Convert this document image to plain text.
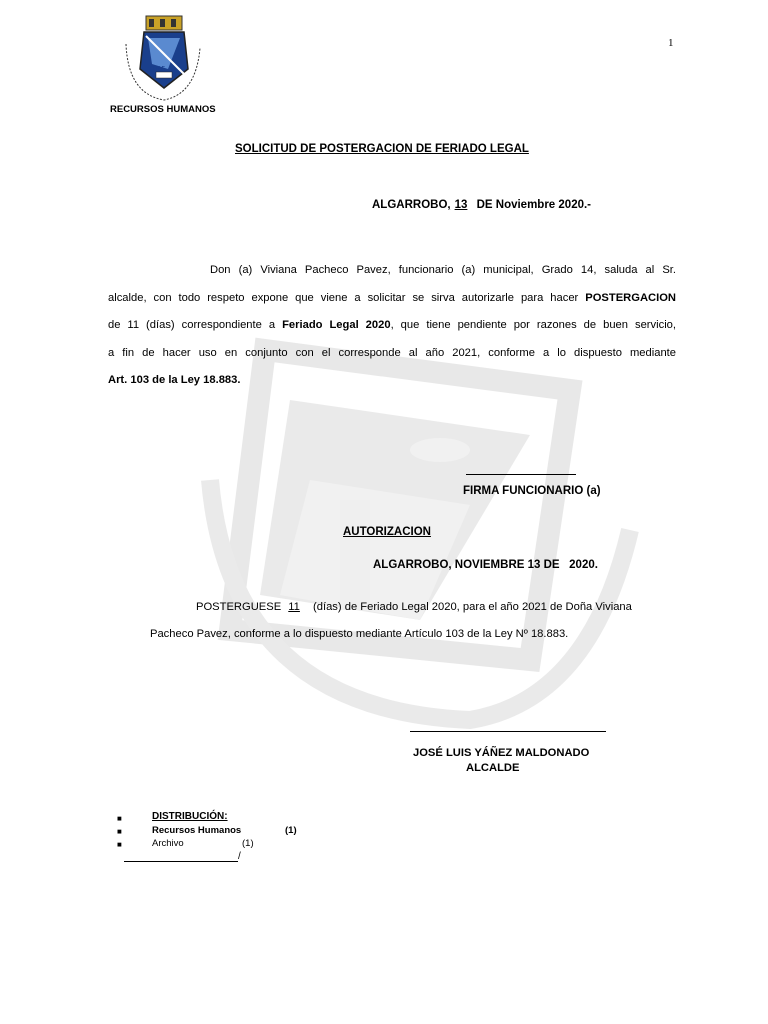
CHILE
1
RECURSOS HUMANOS
SOLICITUD DE POSTERGACION DE FERIADO LEGAL
ALGARROBO, 13 DE Noviembre 2020.-
Don (a) Viviana Pacheco Pavez, funcionario (a) municipal, Grado 14, saluda al Sr.
alcalde, con todo respeto expone que viene a solicitar se sirva autorizarle para hacer POSTERGACION
de 11 (días) correspondiente a Feriado Legal 2020, que tiene pendiente por razones de buen servicio,
a fin de hacer uso en conjunto con el corresponde al año 2021, conforme a lo dispuesto mediante
Art. 103 de la Ley 18.883.
FIRMA FUNCIONARIO (a)
AUTORIZACION
ALGARROBO, NOVIEMBRE 13 DE   2020.
POSTERGUESE 11 (días) de Feriado Legal 2020, para el año 2021 de Doña Viviana
Pacheco Pavez, conforme a lo dispuesto mediante Artículo 103 de la Ley Nº 18.883.
JOSÉ LUIS YÁÑEZ MALDONADO
ALCALDE
■	DISTRIBUCIÓN:
■	Recursos Humanos	(1)
■	Archivo	(1)
/
